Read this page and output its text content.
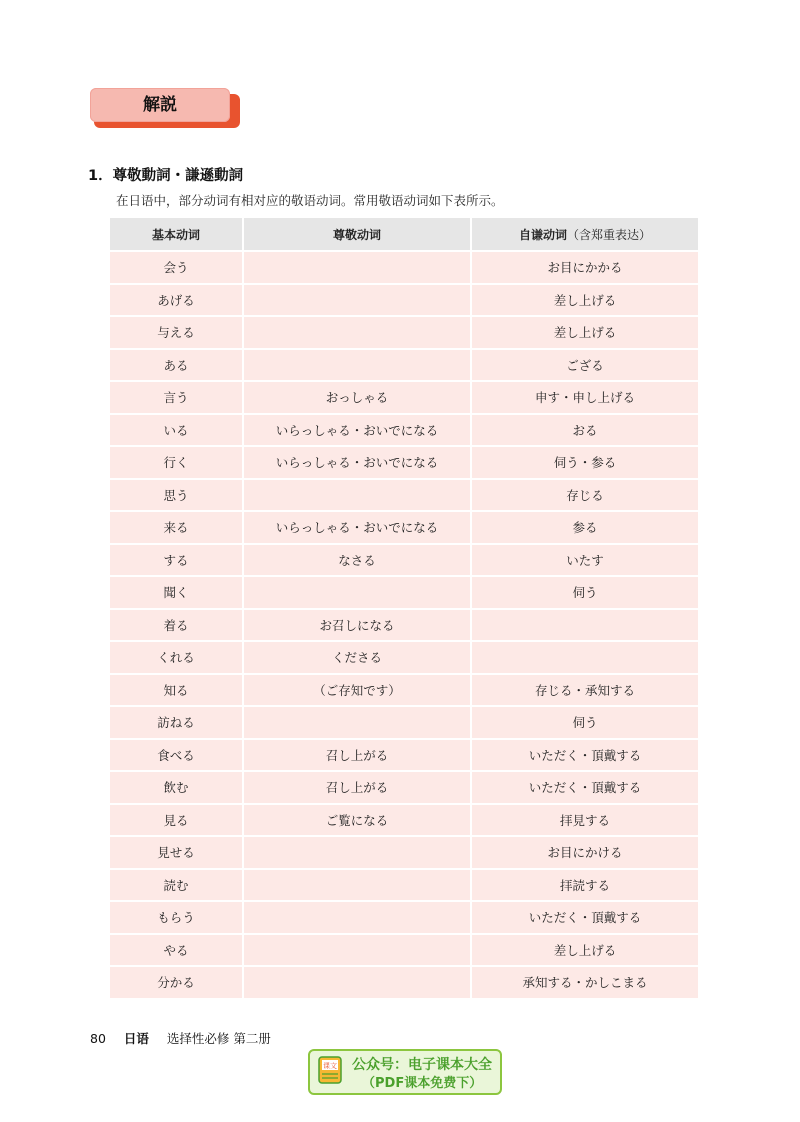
解説
1．尊敬動詞・謙遜動詞
在日语中，部分动词有相对应的敬语动词。常用敬语动词如下表所示。
基本动词	尊敬动词	自谦动词（含郑重表达）
会う		お目にかかる
あげる		差し上げる
与える		差し上げる
ある		ござる
言う	おっしゃる	申す・申し上げる
いる	いらっしゃる・おいでになる	おる
行く	いらっしゃる・おいでになる	伺う・参る
思う		存じる
来る	いらっしゃる・おいでになる	参る
する	なさる	いたす
聞く		伺う
着る	お召しになる	
くれる	くださる	
知る	（ご存知です）	存じる・承知する
訪ねる		伺う
食べる	召し上がる	いただく・頂戴する
飲む	召し上がる	いただく・頂戴する
見る	ご覧になる	拝見する
見せる		お目にかける
読む		拝読する
もらう		いただく・頂戴する
やる		差し上げる
分かる		承知する・かしこまる
80 日语 选择性必修 第二册
课文 公众号：电子课本大全
（PDF课本免费下）
